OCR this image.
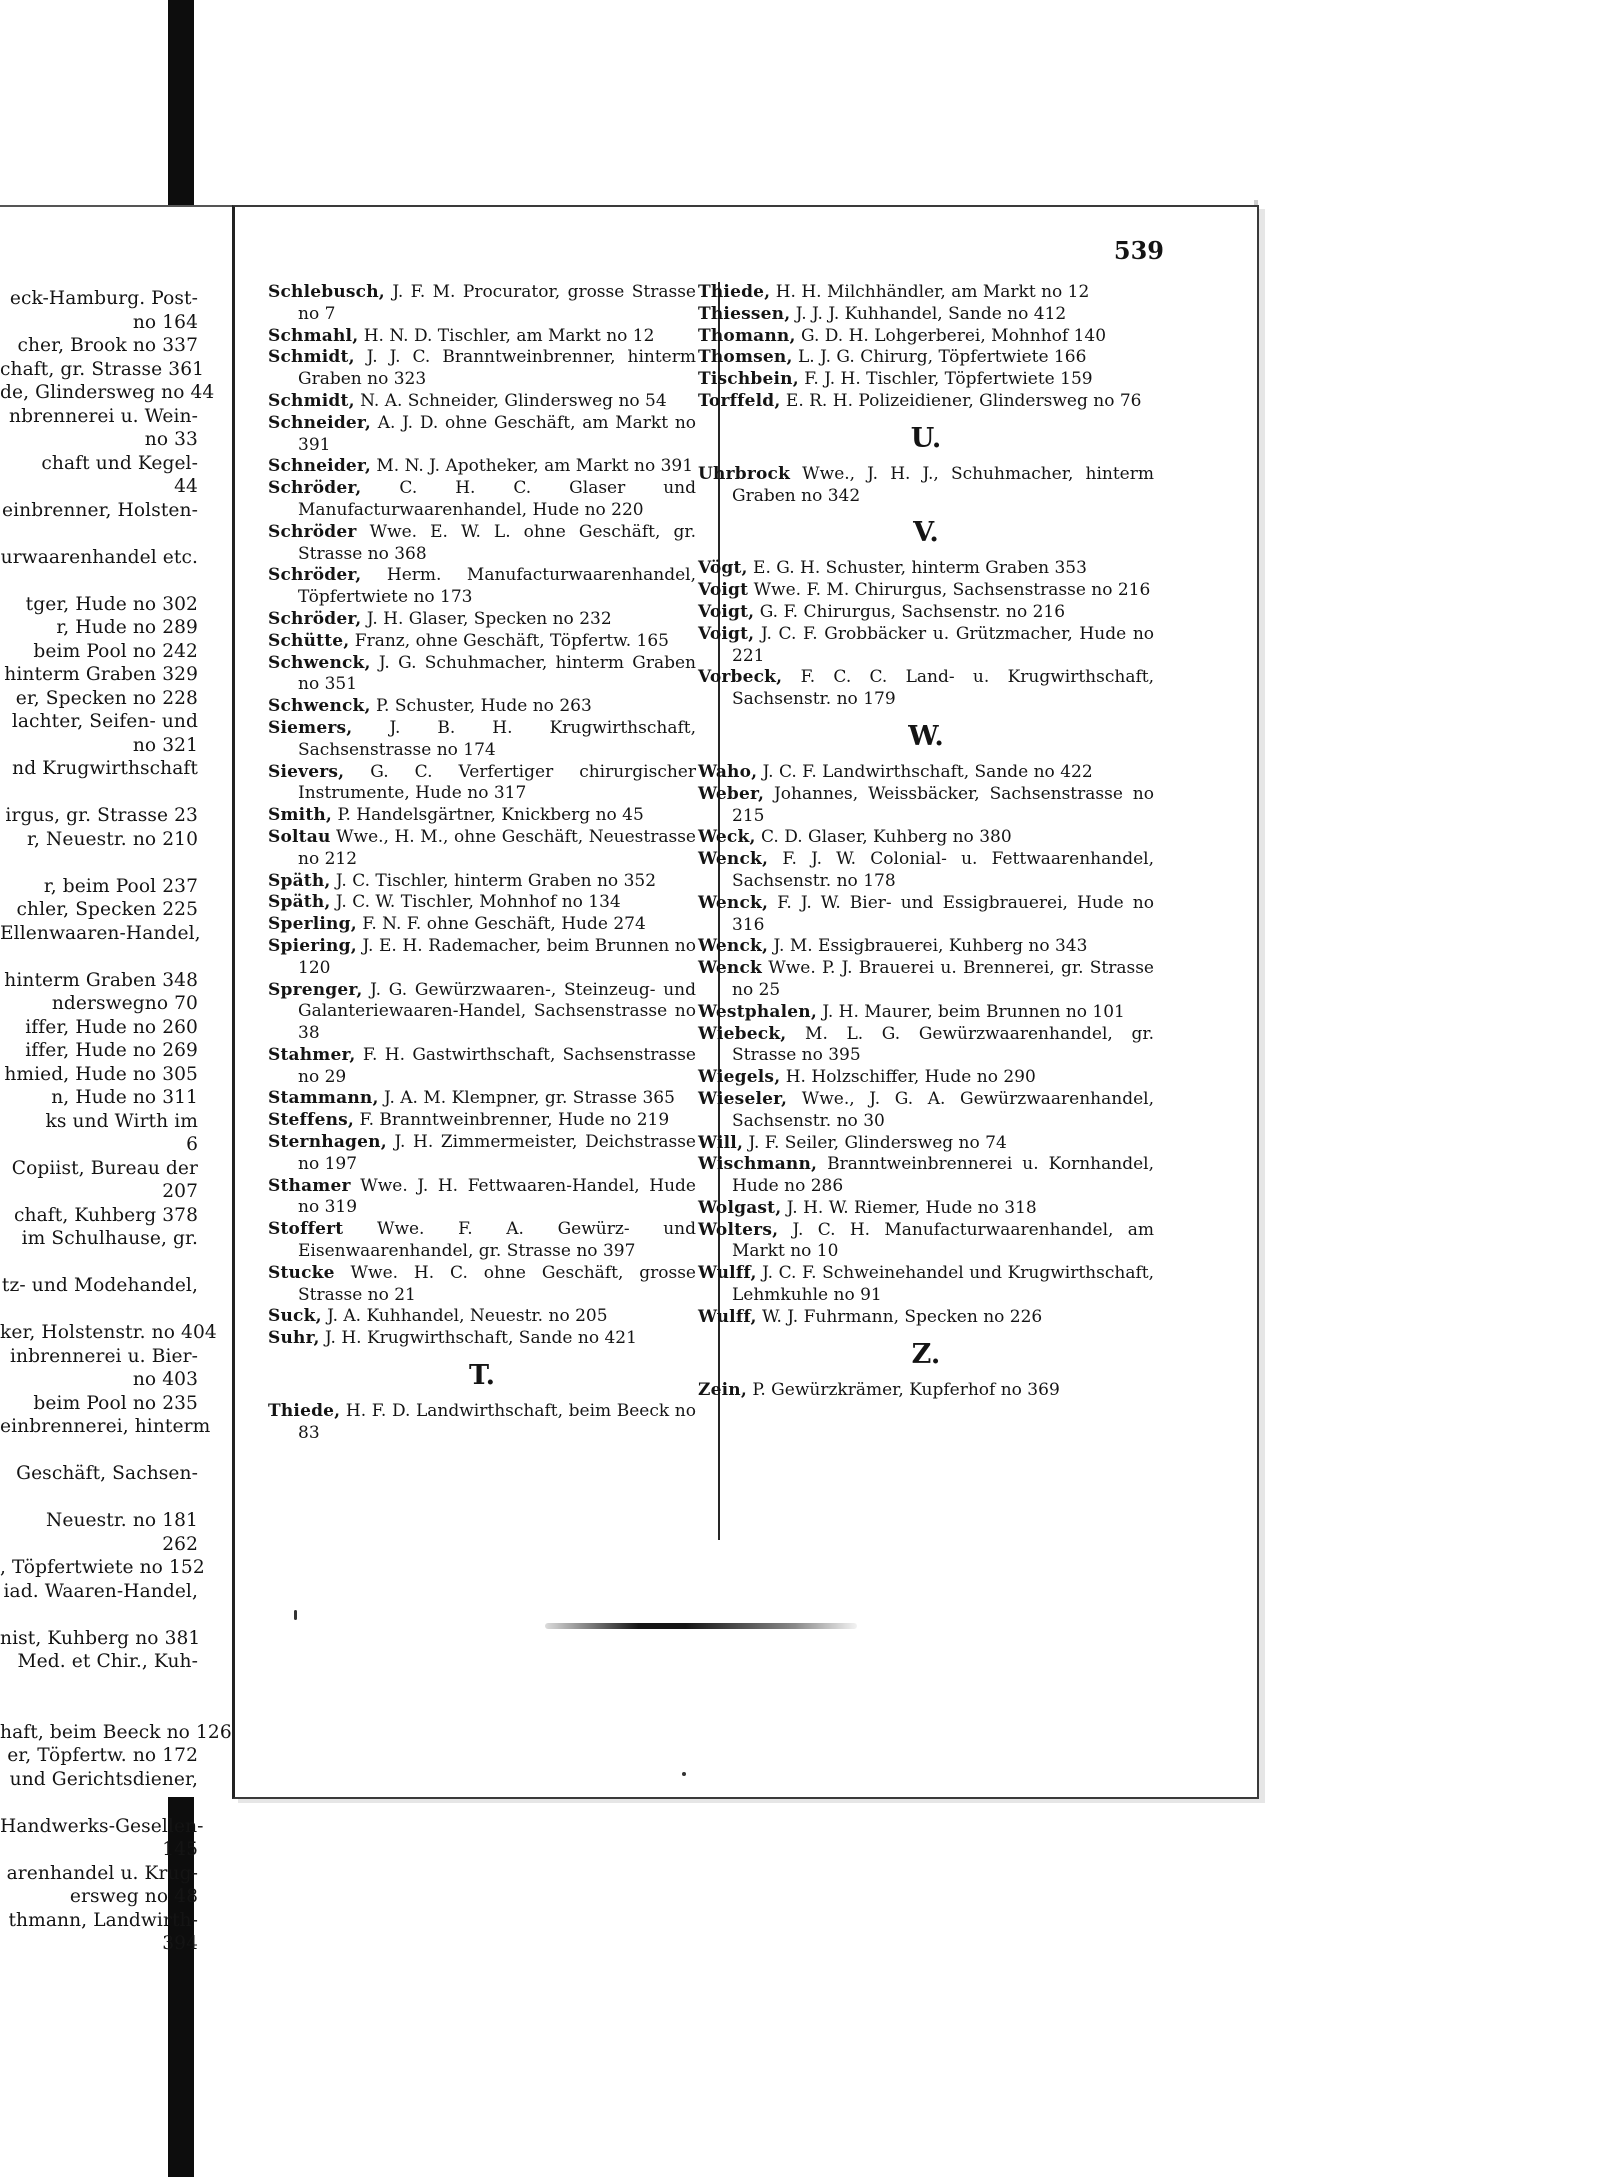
eck-Hamburg. Post-
no 164
cher, Brook no 337
chaft, gr. Strasse 361
de, Glindersweg no 44
nbrennerei u. Wein-
no 33
chaft und Kegel-
44
einbrenner, Holsten-

urwaarenhandel etc.

tger, Hude no 302
r, Hude no 289
beim Pool no 242
hinterm Graben 329
er, Specken no 228
lachter, Seifen- und
no 321
nd Krugwirthschaft

irgus, gr. Strasse 23
r, Neuestr. no 210

r, beim Pool 237
chler, Specken 225
Ellenwaaren-Handel,

hinterm Graben 348
nderswegno 70
iffer, Hude no 260
iffer, Hude no 269
hmied, Hude no 305
n, Hude no 311
ks und Wirth im
6
Copiist, Bureau der
207
chaft, Kuhberg 378
im Schulhause, gr.

tz- und Modehandel,

ker, Holstenstr. no 404
inbrennerei u. Bier-
no 403
beim Pool no 235
einbrennerei, hinterm

Geschäft, Sachsen-

Neuestr. no 181
262
, Töpfertwiete no 152
iad. Waaren-Handel,

nist, Kuhberg no 381
Med. et Chir., Kuh-

haft, beim Beeck no 126
er, Töpfertw. no 172
und Gerichtsdiener,

Handwerks-Gesellen-
145
arenhandel u. Krug-
ersweg no 48
thmann, Landwirth-
394
539
Schlebusch, J. F. M. Procurator, grosse Strasse no 7
Schmahl, H. N. D. Tischler, am Markt no 12
Schmidt, J. J. C. Branntweinbrenner, hinterm Graben no 323
Schmidt, N. A. Schneider, Glindersweg no 54
Schneider, A. J. D. ohne Geschäft, am Markt no 391
Schneider, M. N. J. Apotheker, am Markt no 391
Schröder, C. H. C. Glaser und Manufacturwaarenhandel, Hude no 220
Schröder Wwe. E. W. L. ohne Geschäft, gr. Strasse no 368
Schröder, Herm. Manufacturwaarenhandel, Töpfertwiete no 173
Schröder, J. H. Glaser, Specken no 232
Schütte, Franz, ohne Geschäft, Töpfertw. 165
Schwenck, J. G. Schuhmacher, hinterm Graben no 351
Schwenck, P. Schuster, Hude no 263
Siemers, J. B. H. Krugwirthschaft, Sachsenstrasse no 174
Sievers, G. C. Verfertiger chirurgischer Instrumente, Hude no 317
Smith, P. Handelsgärtner, Knickberg no 45
Soltau Wwe., H. M., ohne Geschäft, Neuestrasse no 212
Späth, J. C. Tischler, hinterm Graben no 352
Späth, J. C. W. Tischler, Mohnhof no 134
Sperling, F. N. F. ohne Geschäft, Hude 274
Spiering, J. E. H. Rademacher, beim Brunnen no 120
Sprenger, J. G. Gewürzwaaren-, Steinzeug- und Galanteriewaaren-Handel, Sachsenstrasse no 38
Stahmer, F. H. Gastwirthschaft, Sachsenstrasse no 29
Stammann, J. A. M. Klempner, gr. Strasse 365
Steffens, F. Branntweinbrenner, Hude no 219
Sternhagen, J. H. Zimmermeister, Deichstrasse no 197
Sthamer Wwe. J. H. Fettwaaren-Handel, Hude no 319
Stoffert Wwe. F. A. Gewürz- und Eisenwaarenhandel, gr. Strasse no 397
Stucke Wwe. H. C. ohne Geschäft, grosse Strasse no 21
Suck, J. A. Kuhhandel, Neuestr. no 205
Suhr, J. H. Krugwirthschaft, Sande no 421
T.
Thiede, H. F. D. Landwirthschaft, beim Beeck no 83
Thiede, H. H. Milchhändler, am Markt no 12
Thiessen, J. J. J. Kuhhandel, Sande no 412
Thomann, G. D. H. Lohgerberei, Mohnhof 140
Thomsen, L. J. G. Chirurg, Töpfertwiete 166
Tischbein, F. J. H. Tischler, Töpfertwiete 159
Torffeld, E. R. H. Polizeidiener, Glindersweg no 76
U.
Uhrbrock Wwe., J. H. J., Schuhmacher, hinterm Graben no 342
V.
Vögt, E. G. H. Schuster, hinterm Graben 353
Voigt Wwe. F. M. Chirurgus, Sachsenstrasse no 216
Voigt, G. F. Chirurgus, Sachsenstr. no 216
Voigt, J. C. F. Grobbäcker u. Grützmacher, Hude no 221
Vorbeck, F. C. C. Land- u. Krugwirthschaft, Sachsenstr. no 179
W.
Waho, J. C. F. Landwirthschaft, Sande no 422
Weber, Johannes, Weissbäcker, Sachsenstrasse no 215
Weck, C. D. Glaser, Kuhberg no 380
Wenck, F. J. W. Colonial- u. Fettwaarenhandel, Sachsenstr. no 178
Wenck, F. J. W. Bier- und Essigbrauerei, Hude no 316
Wenck, J. M. Essigbrauerei, Kuhberg no 343
Wenck Wwe. P. J. Brauerei u. Brennerei, gr. Strasse no 25
Westphalen, J. H. Maurer, beim Brunnen no 101
Wiebeck, M. L. G. Gewürzwaarenhandel, gr. Strasse no 395
Wiegels, H. Holzschiffer, Hude no 290
Wieseler, Wwe., J. G. A. Gewürzwaarenhandel, Sachsenstr. no 30
Will, J. F. Seiler, Glindersweg no 74
Wischmann, Branntweinbrennerei u. Kornhandel, Hude no 286
Wolgast, J. H. W. Riemer, Hude no 318
Wolters, J. C. H. Manufacturwaarenhandel, am Markt no 10
Wulff, J. C. F. Schweinehandel und Krugwirthschaft, Lehmkuhle no 91
Wulff, W. J. Fuhrmann, Specken no 226
Z.
Zein, P. Gewürzkrämer, Kupferhof no 369
